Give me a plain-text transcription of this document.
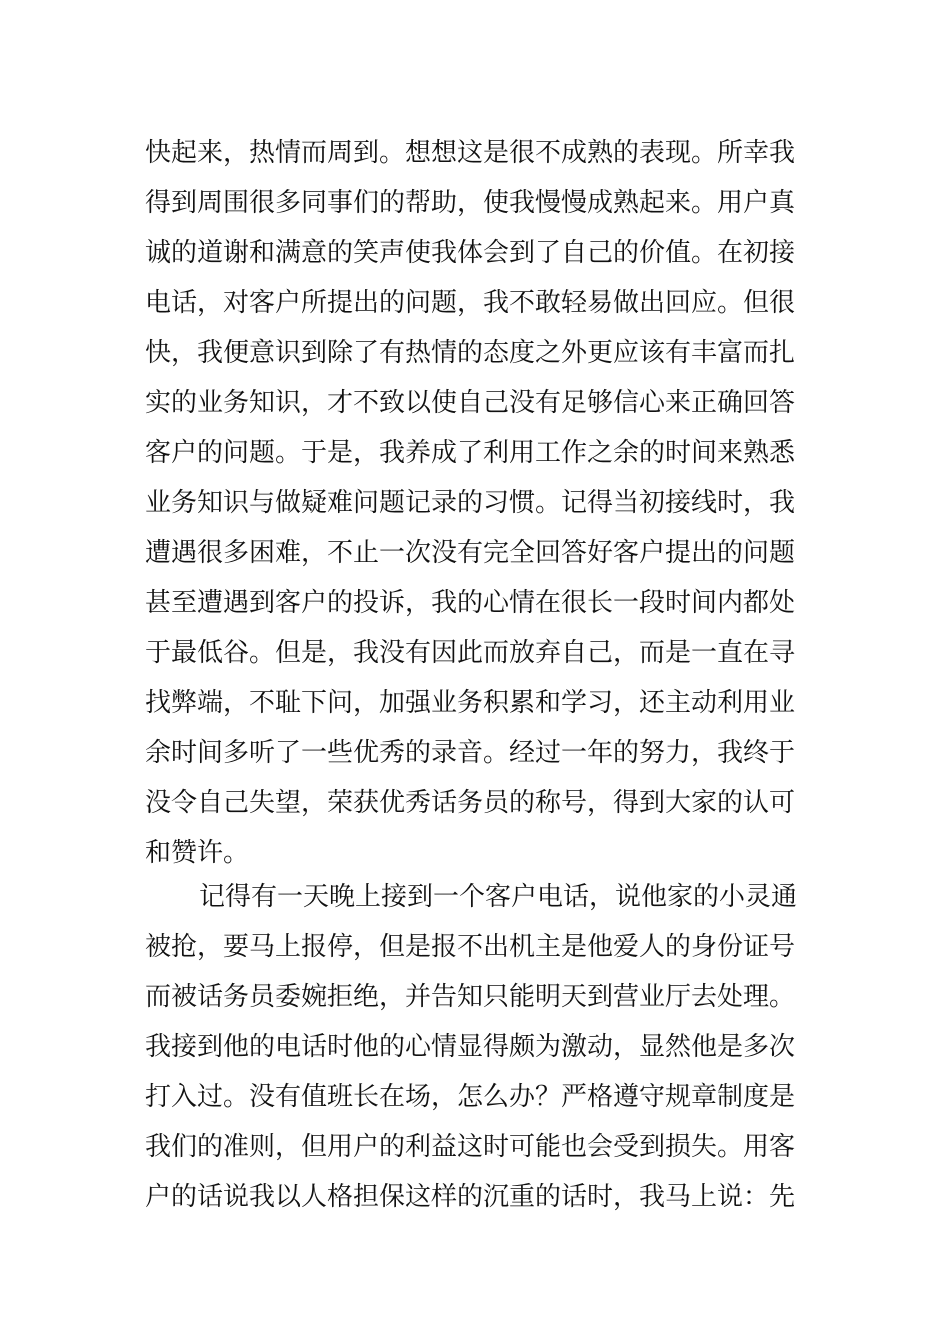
快起来，热情而周到。想想这是很不成熟的表现。所幸我
得到周围很多同事们的帮助，使我慢慢成熟起来。用户真
诚的道谢和满意的笑声使我体会到了自己的价值。在初接
电话，对客户所提出的问题，我不敢轻易做出回应。但很
快，我便意识到除了有热情的态度之外更应该有丰富而扎
实的业务知识，才不致以使自己没有足够信心来正确回答
客户的问题。于是，我养成了利用工作之余的时间来熟悉
业务知识与做疑难问题记录的习惯。记得当初接线时，我
遭遇很多困难，不止一次没有完全回答好客户提出的问题
甚至遭遇到客户的投诉，我的心情在很长一段时间内都处
于最低谷。但是，我没有因此而放弃自己，而是一直在寻
找弊端，不耻下问，加强业务积累和学习，还主动利用业
余时间多听了一些优秀的录音。经过一年的努力，我终于
没令自己失望，荣获优秀话务员的称号，得到大家的认可
和赞许。
记得有一天晚上接到一个客户电话，说他家的小灵通
被抢，要马上报停，但是报不出机主是他爱人的身份证号
而被话务员委婉拒绝，并告知只能明天到营业厅去处理。
我接到他的电话时他的心情显得颇为激动，显然他是多次
打入过。没有值班长在场，怎么办？严格遵守规章制度是
我们的准则，但用户的利益这时可能也会受到损失。用客
户的话说我以人格担保这样的沉重的话时，我马上说：先
